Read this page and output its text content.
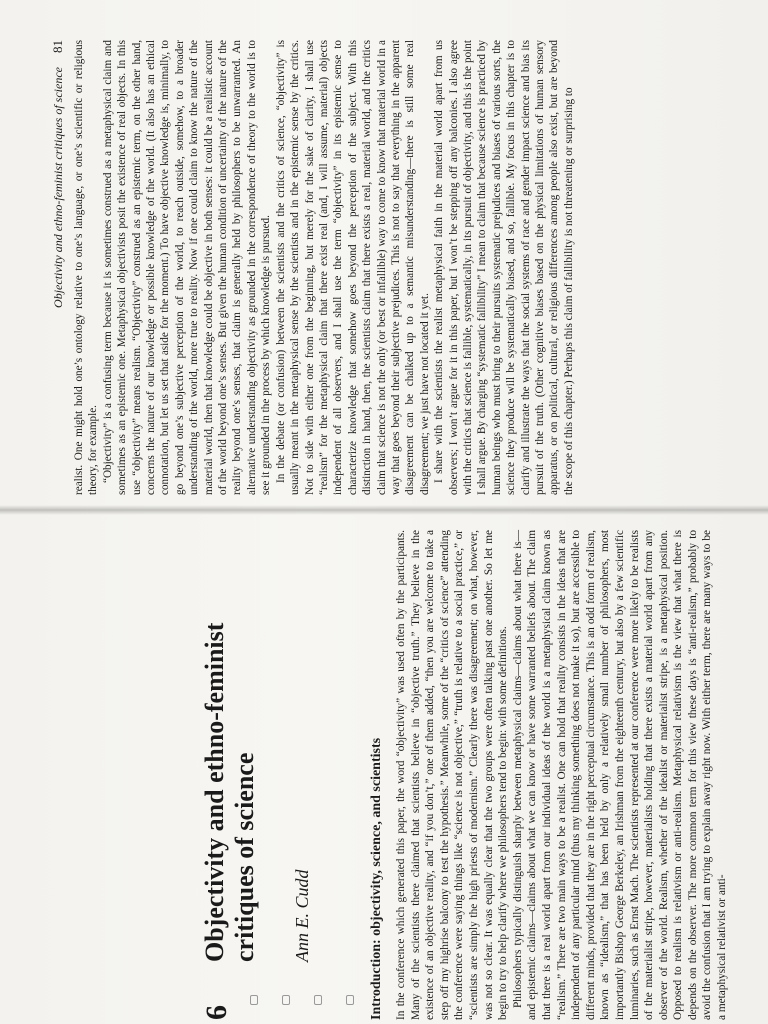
6
Objectivity and ethno-feminist critiques of science Ann E. Cudd	Introduction: objectivity, science, and scientists In the conference which generated this paper, the word “objectivity” was used often by the participants. Many of the scientists there claimed that scientists believe in “objective truth.” They believe in the existence of an objective reality, and “if you don’t,” one of them added, “then you are welcome to take a step off my highrise balcony to test the hypothesis.” Meanwhile, some of the “critics of science” attending the conference were saying things like “science is not objective,” “truth is relative to a social practice,” or “scientists are simply the high priests of modernism.” Clearly there was disagreement; on what, however, was not so clear. It was equally clear that the two groups were often talking past one another. So let me begin to try to help clarify where we philosophers tend to begin: with some definitions. Philosophers typically distinguish sharply between metaphysical claims—claims about what there is—and epistemic claims—claims about what we can know or have some warranted beliefs about. The claim that there is a real world apart from our individual ideas of the world is a metaphysical claim known as “realism.” There are two main ways to be a realist. One can hold that reality consists in the ideas that are independent of any particular mind (thus my thinking something does not make it so), but are accessible to different minds, provided that they are in the right perceptual circumstance. This is an odd form of realism, known as “idealism,” that has been held by only a relatively small number of philosophers, most importantly Bishop George Berkeley, an Irishman from the eighteenth century, but also by a few scientific luminaries, such as Ernst Mach. The scientists represented at our conference were more likely to be realists of the materialist stripe, however, materialists holding that there exists a material world apart from any observer of the world. Realism, whether of the idealist or materialist stripe, is a metaphysical position. Opposed to realism is relativism or anti-realism. Metaphysical relativism is the view that what there is depends on the observer. The more common term for this view these days is “anti-realism,” probably to avoid the confusion that I am trying to explain away right now. With either term, there are many ways to be a metaphysical relativist or anti-

Objectivity and ethno-feminist critiques of science
81 realist. One might hold one’s ontology relative to one’s language, or one’s scientific or religious theory, for example. “Objectivity” is a confusing term because it is sometimes construed as a metaphysical claim and sometimes as an epistemic one. Metaphysical objectivists posit the existence of real objects. In this use “objectivity” means realism. “Objectivity” construed as an epistemic term, on the other hand, concerns the nature of our knowledge or possible knowledge of the world. (It also has an ethical connotation, but let us set that aside for the moment.) To have objective knowledge is, minimally, to go beyond one’s subjective perception of the world, to reach outside, somehow, to a broader understanding of the world, more true to reality. Now if one could claim to know the nature of the material world, then that knowledge could be objective in both senses: it could be a realistic account of the world beyond one’s senses. But given the human condition of uncertainty of the nature of the reality beyond one’s senses, that claim is generally held by philosophers to be unwarranted. An alternative understanding objectivity as grounded in the correspondence of theory to the world is to see it grounded in the process by which knowledge is pursued. In the debate (or confusion) between the scientists and the critics of science, “objectivity” is usually meant in the metaphysical sense by the scientists and in the epistemic sense by the critics. Not to side with either one from the beginning, but merely for the sake of clarity, I shall use “realism” for the metaphysical claim that there exist real (and, I will assume, material) objects independent of all observers, and I shall use the term “objectivity” in its epistemic sense to characterize knowledge that somehow goes beyond the perception of the subject. With this distinction in hand, then, the scientists claim that there exists a real, material world, and the critics claim that science is not the only (or best or infallible) way to come to know that material world in a way that goes beyond their subjective prejudices. This is not to say that everything in the apparent disagreement can be chalked up to a semantic misunderstanding—there is still some real disagreement; we just have not located it yet. I share with the scientists the realist metaphysical faith in the material world apart from us observers; I won’t argue for it in this paper, but I won’t be stepping off any balconies. I also agree with the critics that science is fallible, systematically, in its pursuit of objectivity, and this is the point I shall argue. By charging “systematic fallibility” I mean to claim that because science is practiced by human beings who must bring to their pursuits systematic prejudices and biases of various sorts, the science they produce will be systematically biased, and so, fallible. My focus in this chapter is to clarify and illustrate the ways that the social systems of race and gender impact science and bias its pursuit of the truth. (Other cognitive biases based on the physical limitations of human sensory apparatus, or on political, cultural, or religious differences among people also exist, but are beyond the scope of this chapter.) Perhaps this claim of fallibility is not threatening or surprising to
